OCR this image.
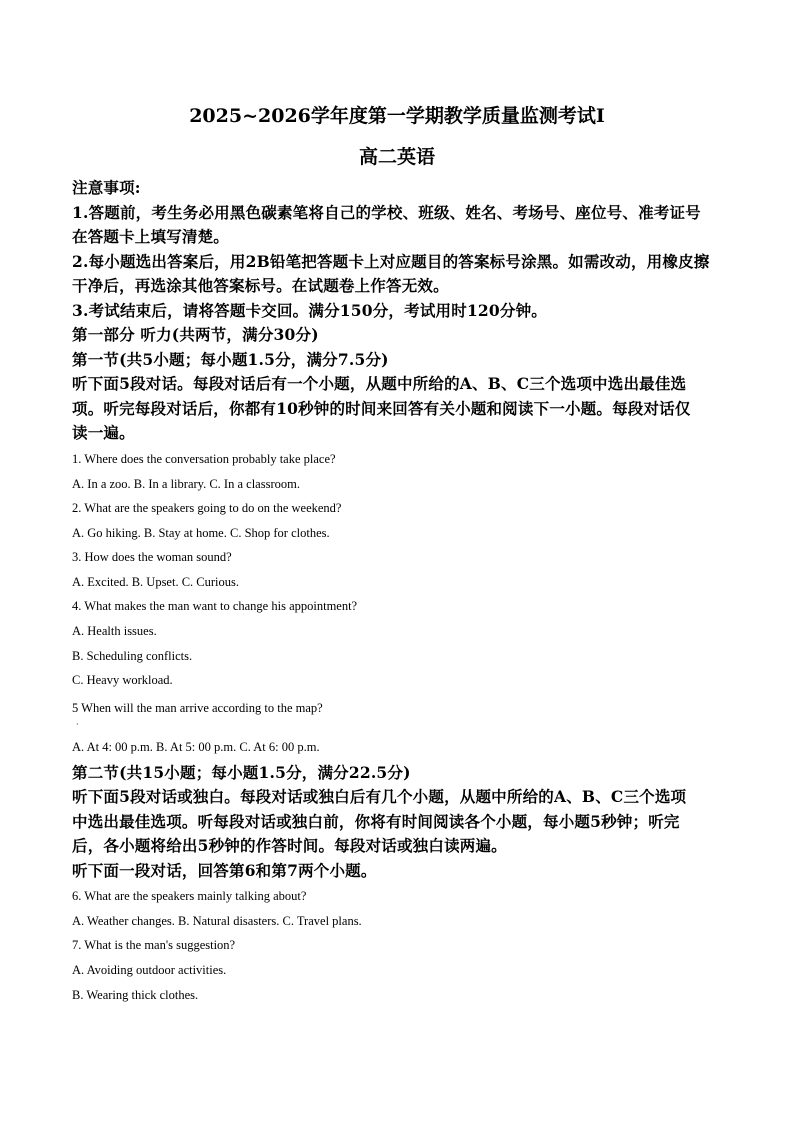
2025~2026学年度第一学期教学质量监测考试Ⅰ
高二英语
注意事项:
1.答题前，考生务必用黑色碳素笔将自己的学校、班级、姓名、考场号、座位号、准考证号
在答题卡上填写清楚。
2.每小题选出答案后，用2B铅笔把答题卡上对应题目的答案标号涂黑。如需改动，用橡皮擦
干净后，再选涂其他答案标号。在试题卷上作答无效。
3.考试结束后，请将答题卡交回。满分150分，考试用时120分钟。
第一部分 听力(共两节，满分30分)
第一节(共5小题；每小题1.5分，满分7.5分)
听下面5段对话。每段对话后有一个小题，从题中所给的A、B、C三个选项中选出最佳选
项。听完每段对话后，你都有10秒钟的时间来回答有关小题和阅读下一小题。每段对话仅
读一遍。
1. Where does the conversation probably take place?
A. In a zoo. B. In a library. C. In a classroom.
2. What are the speakers going to do on the weekend?
A. Go hiking. B. Stay at home. C. Shop for clothes.
3. How does the woman sound?
A. Excited. B. Upset. C. Curious.
4. What makes the man want to change his appointment?
A. Health issues.
B. Scheduling conflicts.
C. Heavy workload.
5 When will the man arrive according to the map?
·
A. At 4: 00 p.m. B. At 5: 00 p.m. C. At 6: 00 p.m.
第二节(共15小题；每小题1.5分，满分22.5分)
听下面5段对话或独白。每段对话或独白后有几个小题，从题中所给的A、B、C三个选项
中选出最佳选项。听每段对话或独白前，你将有时间阅读各个小题，每小题5秒钟；听完
后，各小题将给出5秒钟的作答时间。每段对话或独白读两遍。
听下面一段对话，回答第6和第7两个小题。
6. What are the speakers mainly talking about?
A. Weather changes. B. Natural disasters. C. Travel plans.
7. What is the man's suggestion?
A. Avoiding outdoor activities.
B. Wearing thick clothes.
